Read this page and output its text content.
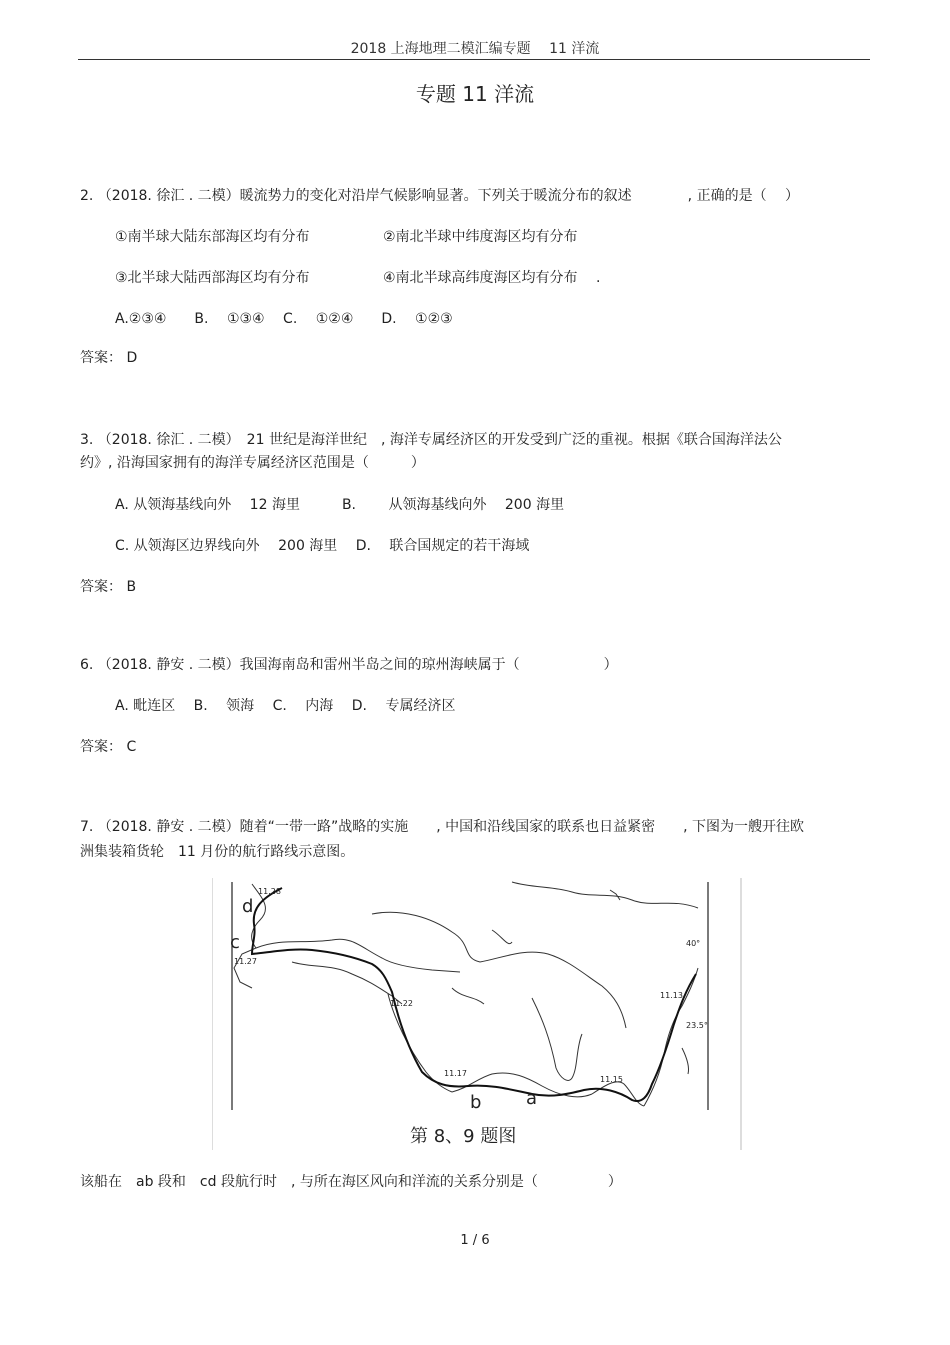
2018 上海地理二模汇编专题　 11 洋流
专题 11 洋流
2. （2018. 徐汇 . 二模）暖流势力的变化对沿岸气候影响显著。下列关于暖流分布的叙述　　　　, 正确的是（　 ）
①南半球大陆东部海区均有分布	②南北半球中纬度海区均有分布
③北半球大陆西部海区均有分布	④南北半球高纬度海区均有分布　 .
A.②③④　　B.　 ①③④　 C.　 ①②④　　D.　 ①②③
答案： D
3. （2018. 徐汇 . 二模）　21 世纪是海洋世纪　, 海洋专属经济区的开发受到广泛的重视。根据《联合国海洋法公
约》, 沿海国家拥有的海洋专属经济区范围是（　　　）
A. 从领海基线向外　 12 海里　　　B.　　 从领海基线向外　 200 海里
C. 从领海区边界线向外　 200 海里　 D.　 联合国规定的若干海域
答案： B
6. （2018. 静安 . 二模）我国海南岛和雷州半岛之间的琼州海峡属于（　　　　　　）
A. 毗连区　 B.　 领海　 C.　 内海　 D.　 专属经济区
答案： C
7. （2018. 静安 . 二模）随着“一带一路”战略的实施　　, 中国和沿线国家的联系也日益紧密　　, 下图为一艘开往欧
洲集装箱货轮　11 月份的航行路线示意图。
d
c
b a
11.28
11.27
11.22
11.17
11.15
11.13
40°
23.5°
第 8、9 题图
该船在　ab 段和　cd 段航行时　, 与所在海区风向和洋流的关系分别是（　　　　　）
1 / 6
